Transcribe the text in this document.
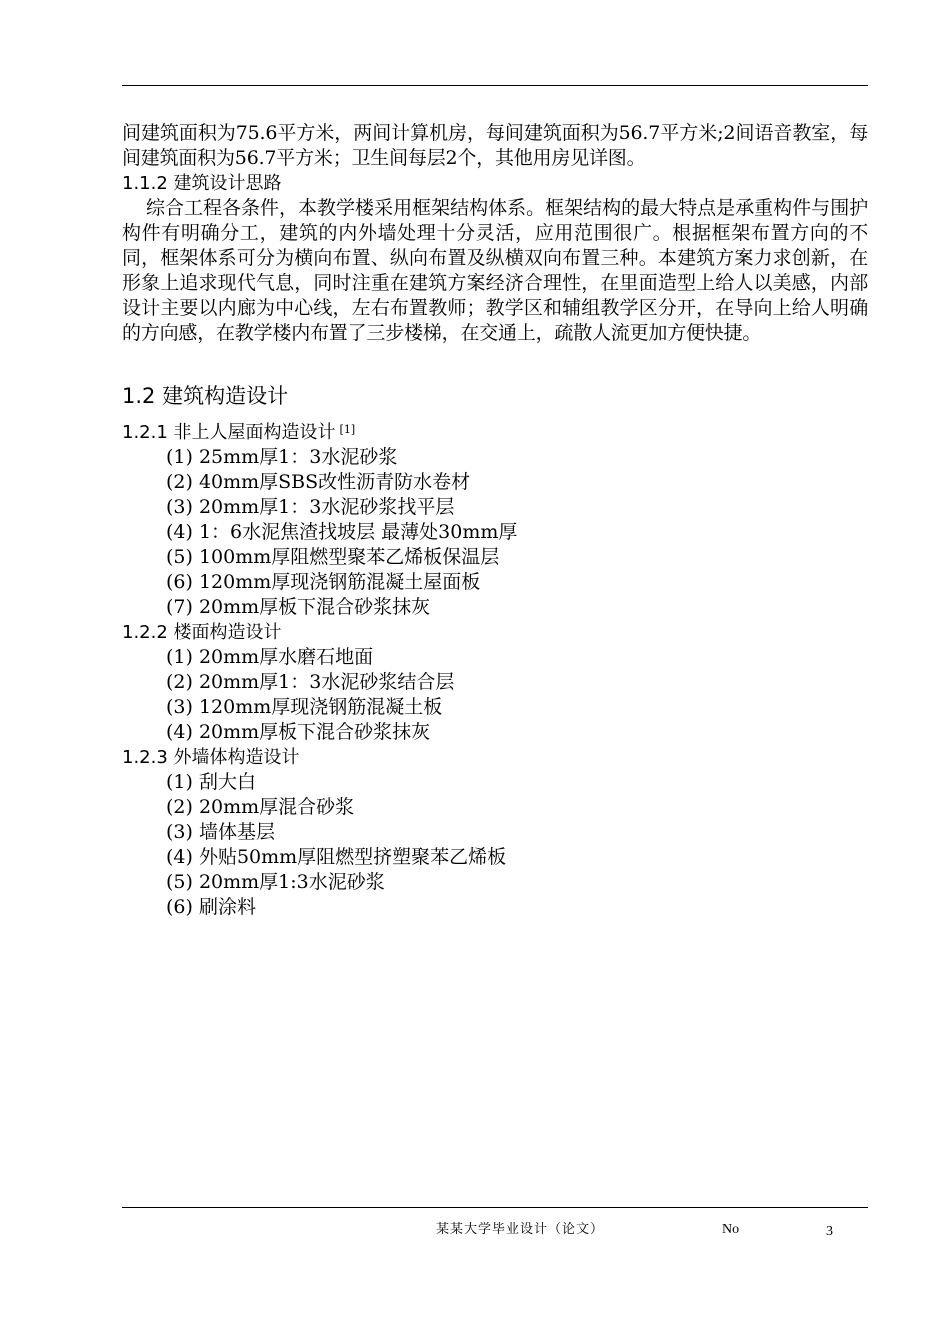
间建筑面积为75.6平方米，两间计算机房，每间建筑面积为56.7平方米;2间语音教室，每间建筑面积为56.7平方米；卫生间每层2个，其他用房见详图。

1.1.2 建筑设计思路

综合工程各条件，本教学楼采用框架结构体系。框架结构的最大特点是承重构件与围护构件有明确分工，建筑的内外墙处理十分灵活，应用范围很广。根据框架布置方向的不同，框架体系可分为横向布置、纵向布置及纵横双向布置三种。本建筑方案力求创新，在形象上追求现代气息，同时注重在建筑方案经济合理性，在里面造型上给人以美感，内部设计主要以内廊为中心线，左右布置教师；教学区和辅组教学区分开，在导向上给人明确的方向感，在教学楼内布置了三步楼梯，在交通上，疏散人流更加方便快捷。

1.2 建筑构造设计
1.2.1 非上人屋面构造设计 [1]
(1) 25mm厚1：3水泥砂浆
(2) 40mm厚SBS改性沥青防水卷材
(3) 20mm厚1：3水泥砂浆找平层
(4) 1：6水泥焦渣找坡层 最薄处30mm厚
(5) 100mm厚阻燃型聚苯乙烯板保温层
(6) 120mm厚现浇钢筋混凝土屋面板
(7) 20mm厚板下混合砂浆抹灰
1.2.2 楼面构造设计
(1) 20mm厚水磨石地面
(2) 20mm厚1：3水泥砂浆结合层
(3) 120mm厚现浇钢筋混凝土板
(4) 20mm厚板下混合砂浆抹灰
1.2.3 外墙体构造设计
(1) 刮大白
(2) 20mm厚混合砂浆
(3) 墙体基层
(4) 外贴50mm厚阻燃型挤塑聚苯乙烯板
(5) 20mm厚1:3水泥砂浆
(6) 刷涂料
某某大学毕业设计（论文）	No	3
